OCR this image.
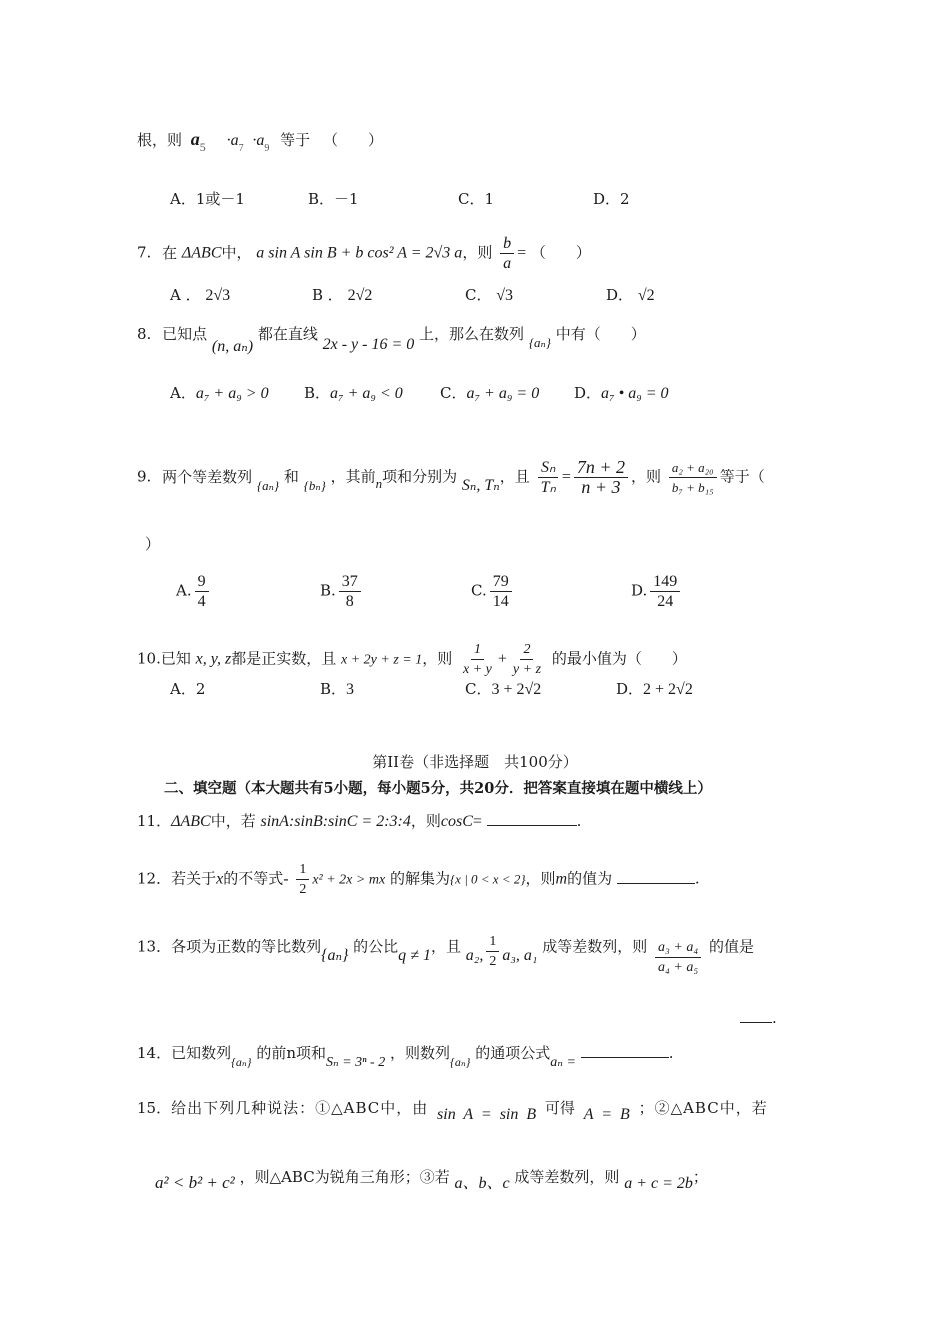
根，则 $a_5 \cdot a_7 \cdot a_9$ 等于 （　　）
A．1或－1	B．－1	C．1	D．2
7. 在 ΔABC中， a sin A sin B + b cos² A = 2√3 a，则 $\frac{b}{a}$ = （　　）
A ． 2√3	B ． 2√2	C． √3	D． √2
8. 已知点 (n, aₙ) 都在直线 2x - y - 16 = 0 上，那么在数列 {aₙ} 中有（　　）
A．a₇ + a₉ > 0 B．a₇ + a₉ < 0 C．a₇ + a₉ = 0 D．a₇ • a₉ = 0
9. 两个等差数列 {aₙ} 和 {bₙ} ，其前n项和分别为 Sₙ, Tₙ，且 $\frac{\text{Sₙ}}{\text{Tₙ}} = \frac{7n + 2}{n + 3}$ ，则 $\frac{\text{a₂ + a₂₀}}{\text{b₇ + b₁₅}}$ 等于（
）
A. $\frac{9}{4}$	B. $\frac{37}{8}$	C. $\frac{79}{14}$	D. $\frac{149}{24}$
10.已知 x, y, z都是正实数，且 x + 2y + z = 1，则 $\frac{1}{x + y} + \frac{2}{y + z}$ 的最小值为（　　）
A．2	B．3	C．3 + 2√2	D．2 + 2√2
第II卷（非选择题　共100分）
二、填空题（本大题共有5小题，每小题5分，共20分．把答案直接填在题中横线上）
11．ΔABC中，若 sinA:sinB:sinC = 2:3:4，则cosC=	.
12．若关于x的不等式- $\frac{1}{2} x^2 + 2x$ > mx 的解集为{x | 0 < x < 2}，则m的值为	.
13．各项为正数的等比数列{aₙ} 的公比q ≠ 1，且 a₂, $\frac{1}{2} a_3$, a₁ 成等差数列，则 $\frac{\text{a₃ + a₄}}{\text{a₄ + a₅}}$ 的值是
.
14．已知数列$_{\{a_n\}}$ 的前n项和Sₙ = 3ⁿ - 2 ，则数列$_{\{a_n\}}$ 的通项公式aₙ = .
15．给出下列几种说法：①△ABC中，由 sin A = sin B 可得 A = B ；②△ABC中，若
a² < b² + c² ，则△ABC为锐角三角形；③若 a、b、c 成等差数列，则 a + c = 2b；
